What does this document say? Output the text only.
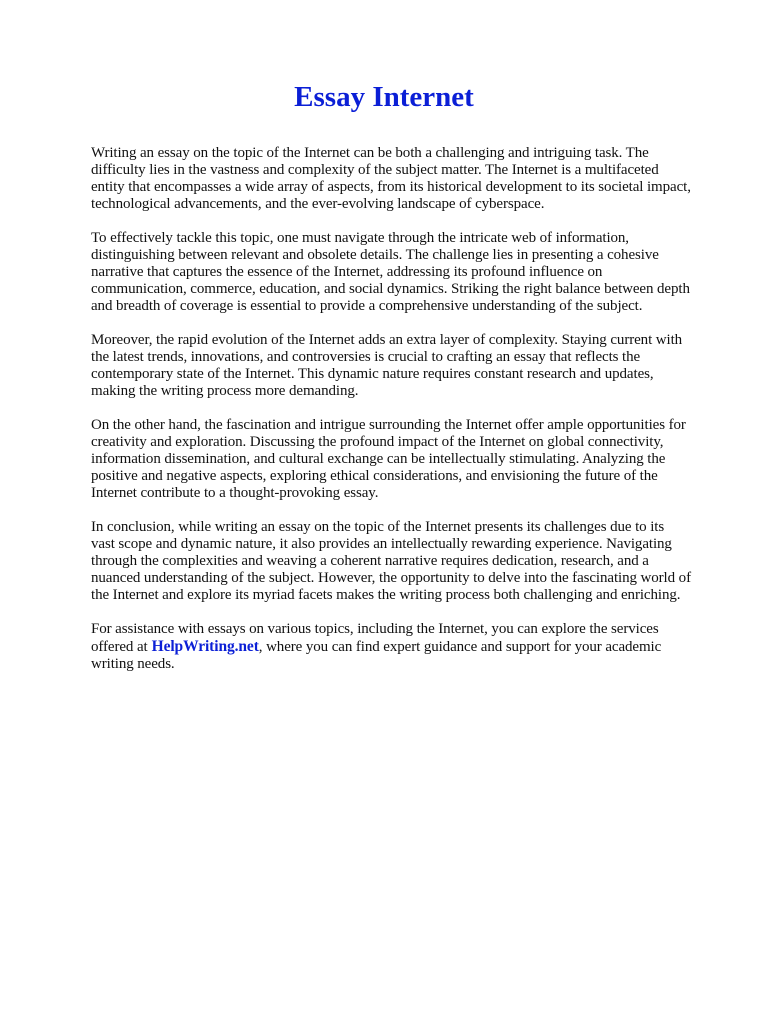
Essay Internet

Writing an essay on the topic of the Internet can be both a challenging and intriguing task. The difficulty lies in the vastness and complexity of the subject matter. The Internet is a multifaceted entity that encompasses a wide array of aspects, from its historical development to its societal impact, technological advancements, and the ever-evolving landscape of cyberspace.

To effectively tackle this topic, one must navigate through the intricate web of information, distinguishing between relevant and obsolete details. The challenge lies in presenting a cohesive narrative that captures the essence of the Internet, addressing its profound influence on communication, commerce, education, and social dynamics. Striking the right balance between depth and breadth of coverage is essential to provide a comprehensive understanding of the subject.

Moreover, the rapid evolution of the Internet adds an extra layer of complexity. Staying current with the latest trends, innovations, and controversies is crucial to crafting an essay that reflects the contemporary state of the Internet. This dynamic nature requires constant research and updates, making the writing process more demanding.

On the other hand, the fascination and intrigue surrounding the Internet offer ample opportunities for creativity and exploration. Discussing the profound impact of the Internet on global connectivity, information dissemination, and cultural exchange can be intellectually stimulating. Analyzing the positive and negative aspects, exploring ethical considerations, and envisioning the future of the Internet contribute to a thought-provoking essay.

In conclusion, while writing an essay on the topic of the Internet presents its challenges due to its vast scope and dynamic nature, it also provides an intellectually rewarding experience. Navigating through the complexities and weaving a coherent narrative requires dedication, research, and a nuanced understanding of the subject. However, the opportunity to delve into the fascinating world of the Internet and explore its myriad facets makes the writing process both challenging and enriching.

For assistance with essays on various topics, including the Internet, you can explore the services offered at HelpWriting.net, where you can find expert guidance and support for your academic writing needs.
